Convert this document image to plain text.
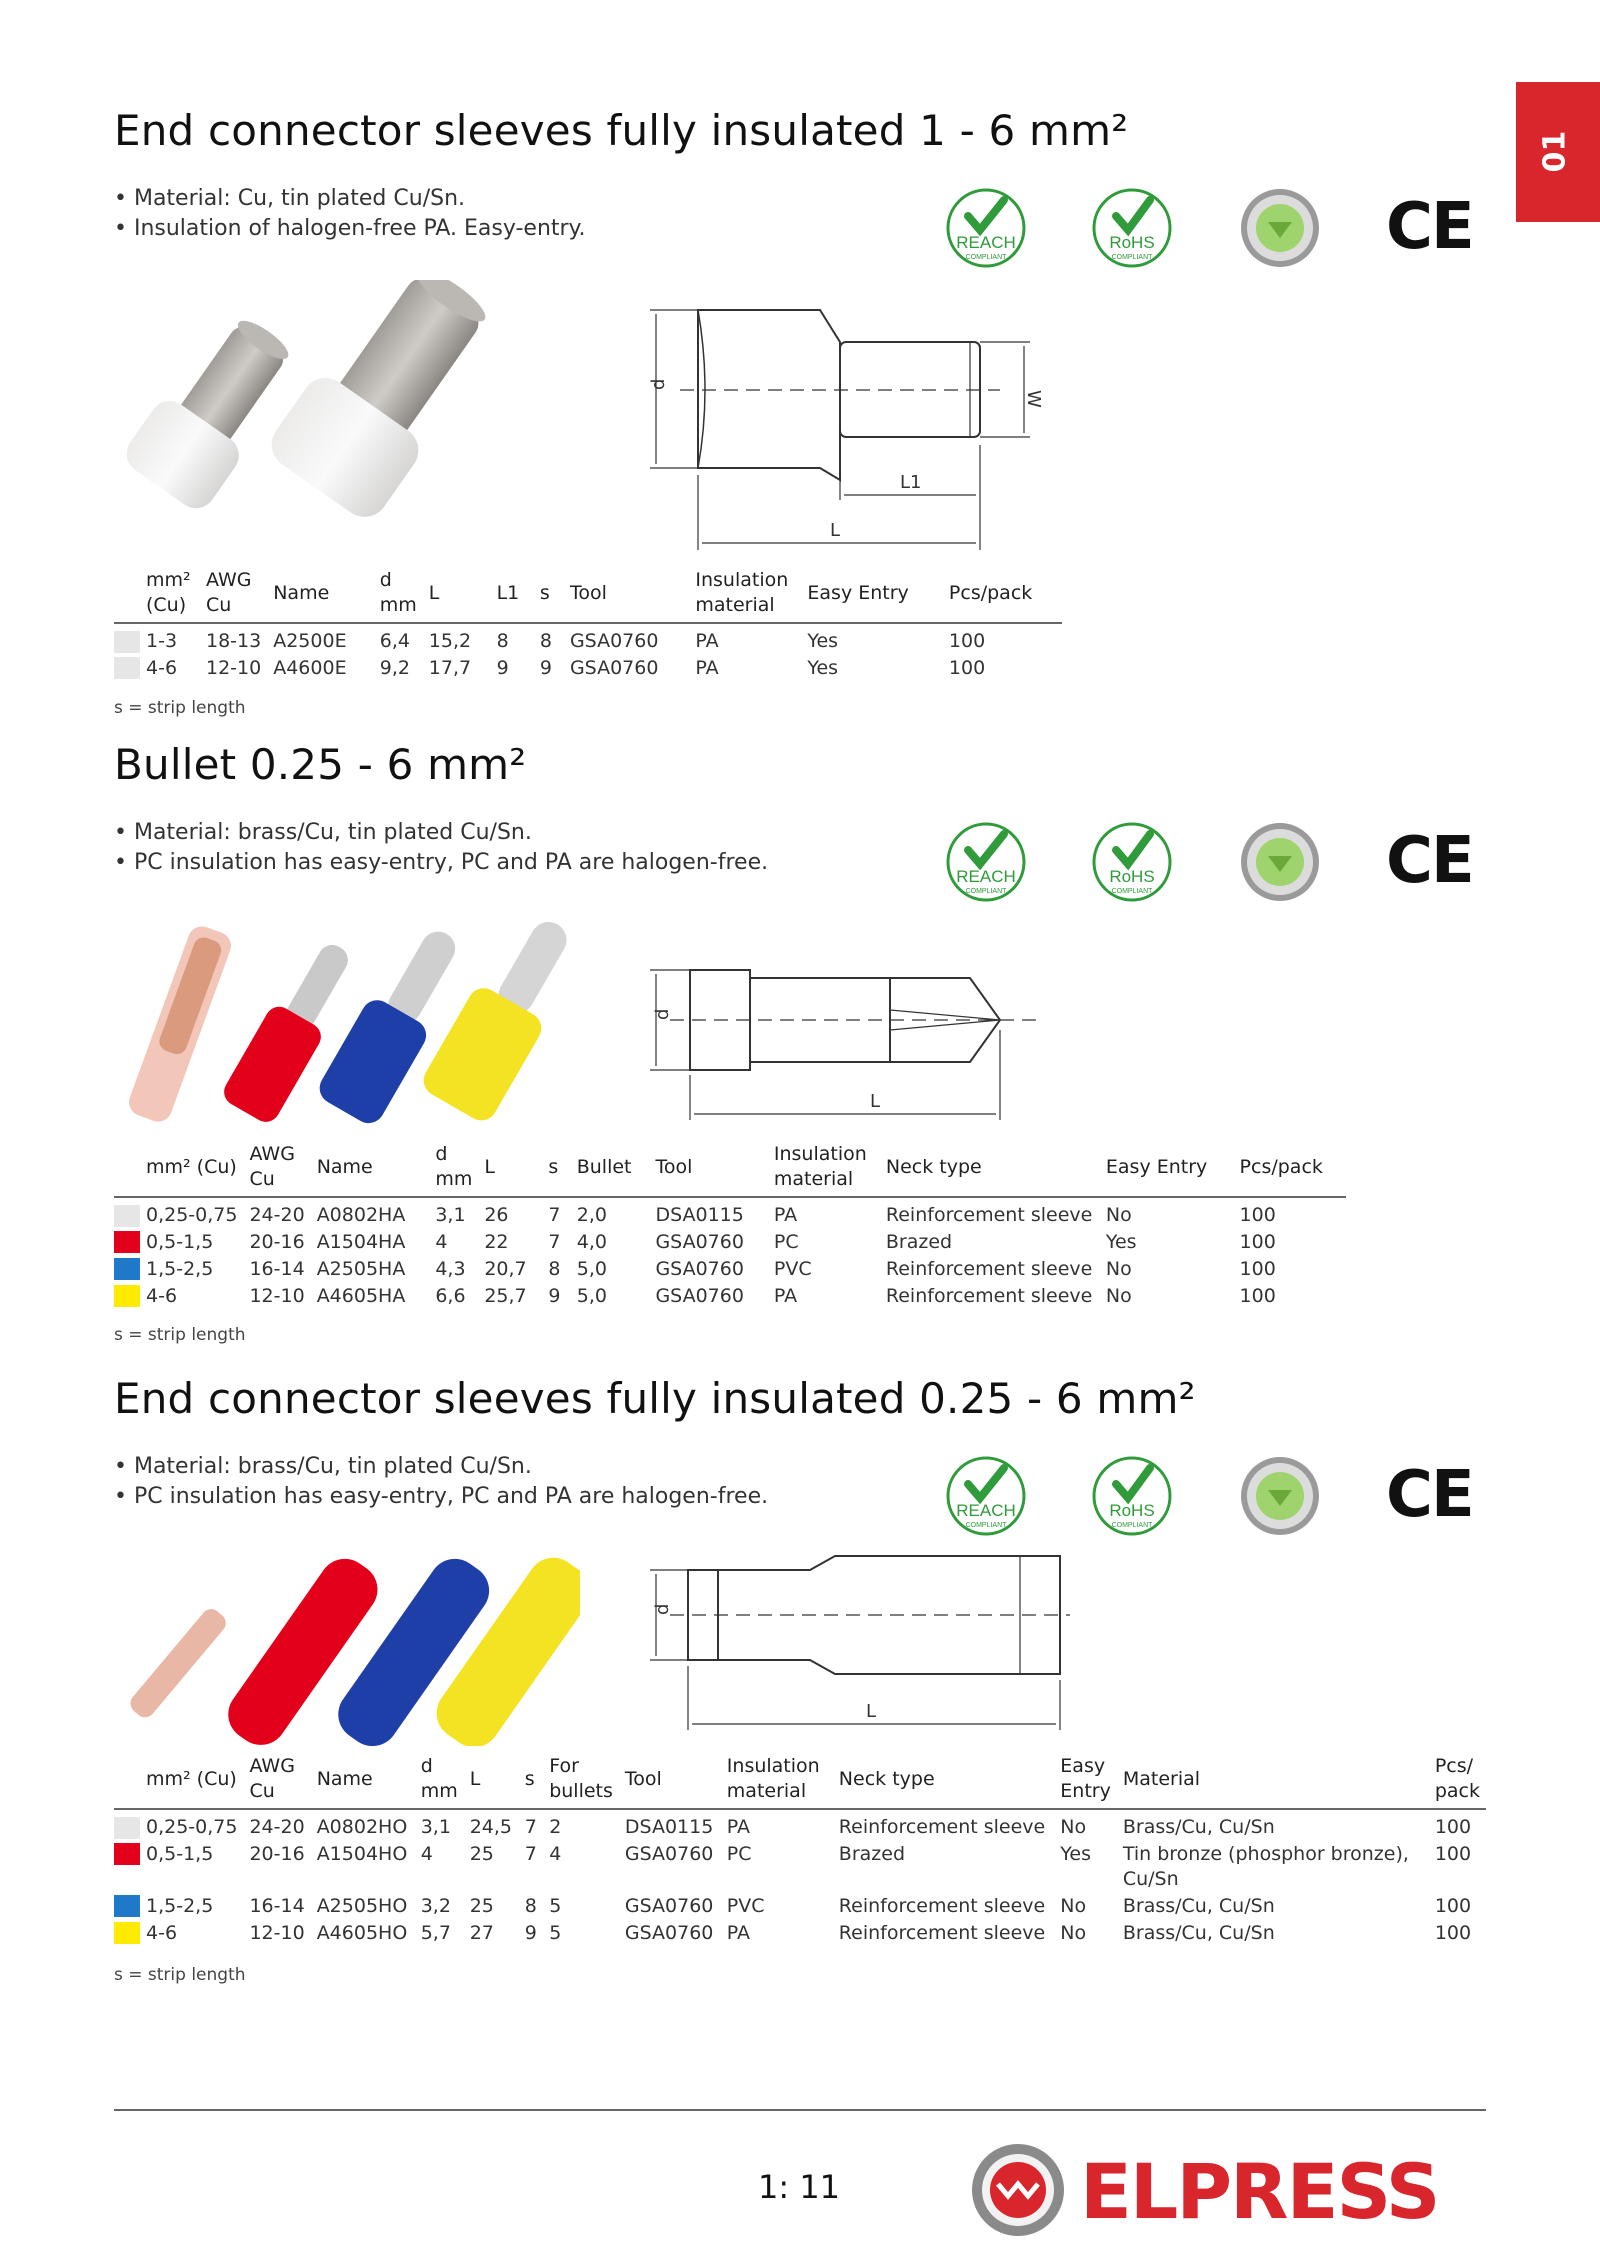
01
End connector sleeves fully insulated 1 - 6 mm²
• Material: Cu, tin plated Cu/Sn.
• Insulation of halogen-free PA. Easy-entry.
REACH
COMPLIANT
RoHS
COMPLIANT	CE
d
W
L1
L
	mm² (Cu)	AWG Cu	Name	d mm	L	L1	s	Tool	Insulation material	Easy Entry	Pcs/pack

	1-3	18-13	A2500E	6,4	15,2	8	8	GSA0760	PA	Yes	100

	4-6	12-10	A4600E	9,2	17,7	9	9	GSA0760	PA	Yes	100
s = strip length
Bullet 0.25 - 6 mm²
• Material: brass/Cu, tin plated Cu/Sn.
• PC insulation has easy-entry, PC and PA are halogen-free.
REACH
COMPLIANT
RoHS
COMPLIANT	CE
d
L
	mm² (Cu)	AWG Cu	Name	d mm	L	s	Bullet	Tool	Insulation material	Neck type	Easy Entry	Pcs/pack

	0,25-0,75	24-20	A0802HA	3,1	26	7	2,0	DSA0115	PA	Reinforcement sleeve	No	100

	0,5-1,5	20-16	A1504HA	4	22	7	4,0	GSA0760	PC	Brazed	Yes	100

	1,5-2,5	16-14	A2505HA	4,3	20,7	8	5,0	GSA0760	PVC	Reinforcement sleeve	No	100

	4-6	12-10	A4605HA	6,6	25,7	9	5,0	GSA0760	PA	Reinforcement sleeve	No	100
s = strip length
End connector sleeves fully insulated 0.25 - 6 mm²
• Material: brass/Cu, tin plated Cu/Sn.
• PC insulation has easy-entry, PC and PA are halogen-free.
REACH
COMPLIANT
RoHS
COMPLIANT	CE
d
L
	mm² (Cu)	AWG Cu	Name	d mm	L	s	For bullets	Tool	Insulation material	Neck type	Easy Entry	Material	Pcs/ pack

	0,25-0,75	24-20	A0802HO	3,1	24,5	7	2	DSA0115	PA	Reinforcement sleeve	No	Brass/Cu, Cu/Sn	100

	0,5-1,5	20-16	A1504HO	4	25	7	4	GSA0760	PC	Brazed	Yes	Tin bronze (phosphor bronze), Cu/Sn	100

	1,5-2,5	16-14	A2505HO	3,2	25	8	5	GSA0760	PVC	Reinforcement sleeve	No	Brass/Cu, Cu/Sn	100

	4-6	12-10	A4605HO	5,7	27	9	5	GSA0760	PA	Reinforcement sleeve	No	Brass/Cu, Cu/Sn	100
s = strip length
1: 11	ELPRESS
